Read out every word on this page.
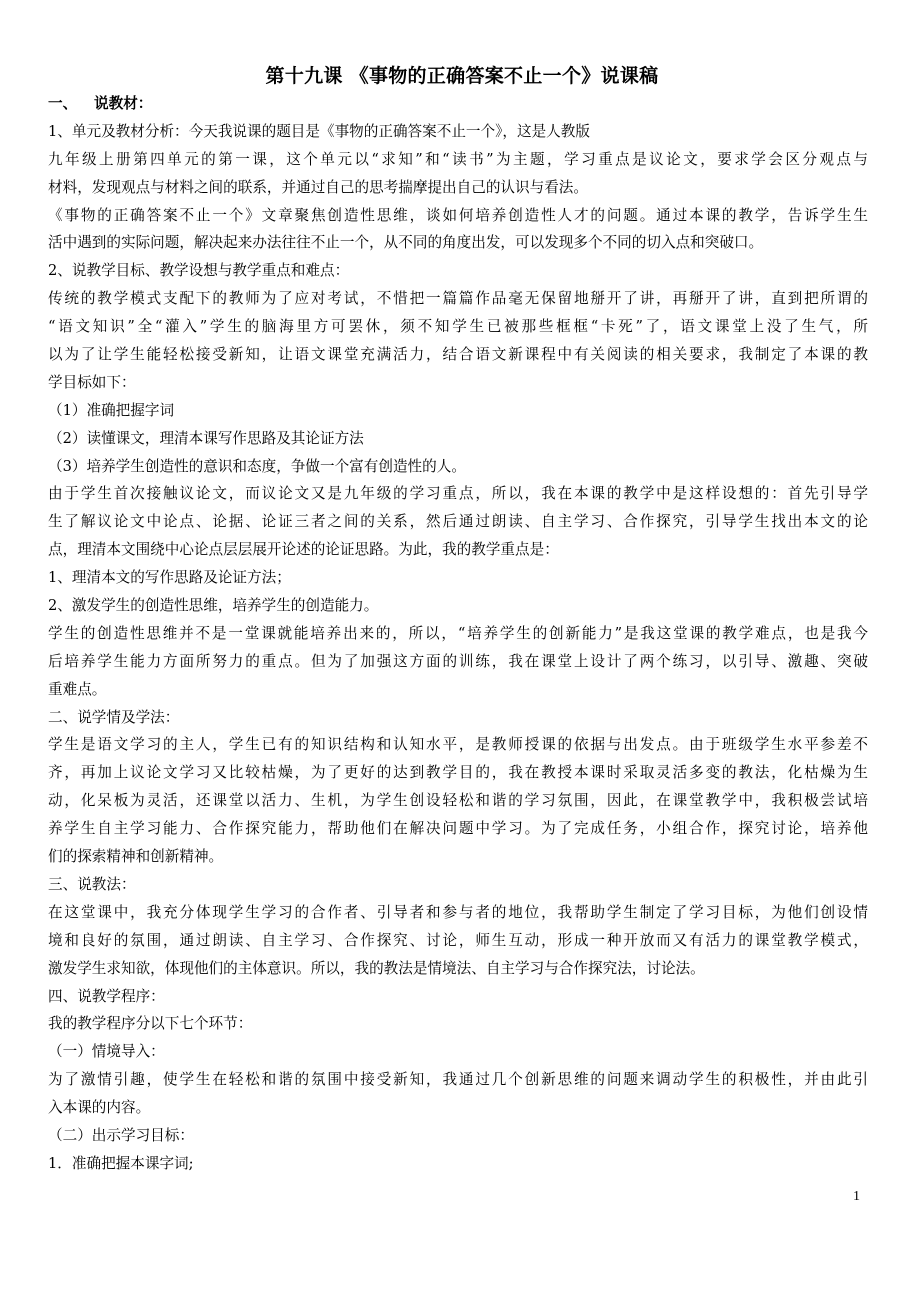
第十九课 《事物的正确答案不止一个》说课稿

一、 说教材：

1、单元及教材分析：今天我说课的题目是《事物的正确答案不止一个》，这是人教版

九年级上册第四单元的第一课，这个单元以“求知”和“读书”为主题，学习重点是议论文，要求学会区分观点与

材料，发现观点与材料之间的联系，并通过自己的思考揣摩提出自己的认识与看法。

《事物的正确答案不止一个》文章聚焦创造性思维，谈如何培养创造性人才的问题。通过本课的教学，告诉学生生

活中遇到的实际问题，解决起来办法往往不止一个，从不同的角度出发，可以发现多个不同的切入点和突破口。

2、说教学目标、教学设想与教学重点和难点：

传统的教学模式支配下的教师为了应对考试，不惜把一篇篇作品毫无保留地掰开了讲，再掰开了讲，直到把所谓的

“语文知识”全“灌入”学生的脑海里方可罢休，须不知学生已被那些框框“卡死”了，语文课堂上没了生气，所

以为了让学生能轻松接受新知，让语文课堂充满活力，结合语文新课程中有关阅读的相关要求，我制定了本课的教

学目标如下：

（1）准确把握字词

（2）读懂课文，理清本课写作思路及其论证方法

（3）培养学生创造性的意识和态度，争做一个富有创造性的人。

由于学生首次接触议论文，而议论文又是九年级的学习重点，所以，我在本课的教学中是这样设想的：首先引导学

生了解议论文中论点、论据、论证三者之间的关系，然后通过朗读、自主学习、合作探究，引导学生找出本文的论

点，理清本文围绕中心论点层层展开论述的论证思路。为此，我的教学重点是：

1、理清本文的写作思路及论证方法；

2、激发学生的创造性思维，培养学生的创造能力。

学生的创造性思维并不是一堂课就能培养出来的，所以，“培养学生的创新能力”是我这堂课的教学难点，也是我今

后培养学生能力方面所努力的重点。但为了加强这方面的训练，我在课堂上设计了两个练习，以引导、激趣、突破

重难点。

二、说学情及学法：

学生是语文学习的主人，学生已有的知识结构和认知水平，是教师授课的依据与出发点。由于班级学生水平参差不

齐，再加上议论文学习又比较枯燥，为了更好的达到教学目的，我在教授本课时采取灵活多变的教法，化枯燥为生

动，化呆板为灵活，还课堂以活力、生机，为学生创设轻松和谐的学习氛围，因此，在课堂教学中，我积极尝试培

养学生自主学习能力、合作探究能力，帮助他们在解决问题中学习。为了完成任务，小组合作，探究讨论，培养他

们的探索精神和创新精神。

三、说教法：

在这堂课中，我充分体现学生学习的合作者、引导者和参与者的地位，我帮助学生制定了学习目标，为他们创设情

境和良好的氛围，通过朗读、自主学习、合作探究、讨论，师生互动，形成一种开放而又有活力的课堂教学模式，

激发学生求知欲，体现他们的主体意识。所以，我的教法是情境法、自主学习与合作探究法，讨论法。

四、说教学程序：

我的教学程序分以下七个环节：

（一）情境导入：

为了激情引趣，使学生在轻松和谐的氛围中接受新知，我通过几个创新思维的问题来调动学生的积极性，并由此引

入本课的内容。

（二）出示学习目标：

1．准确把握本课字词;

1
